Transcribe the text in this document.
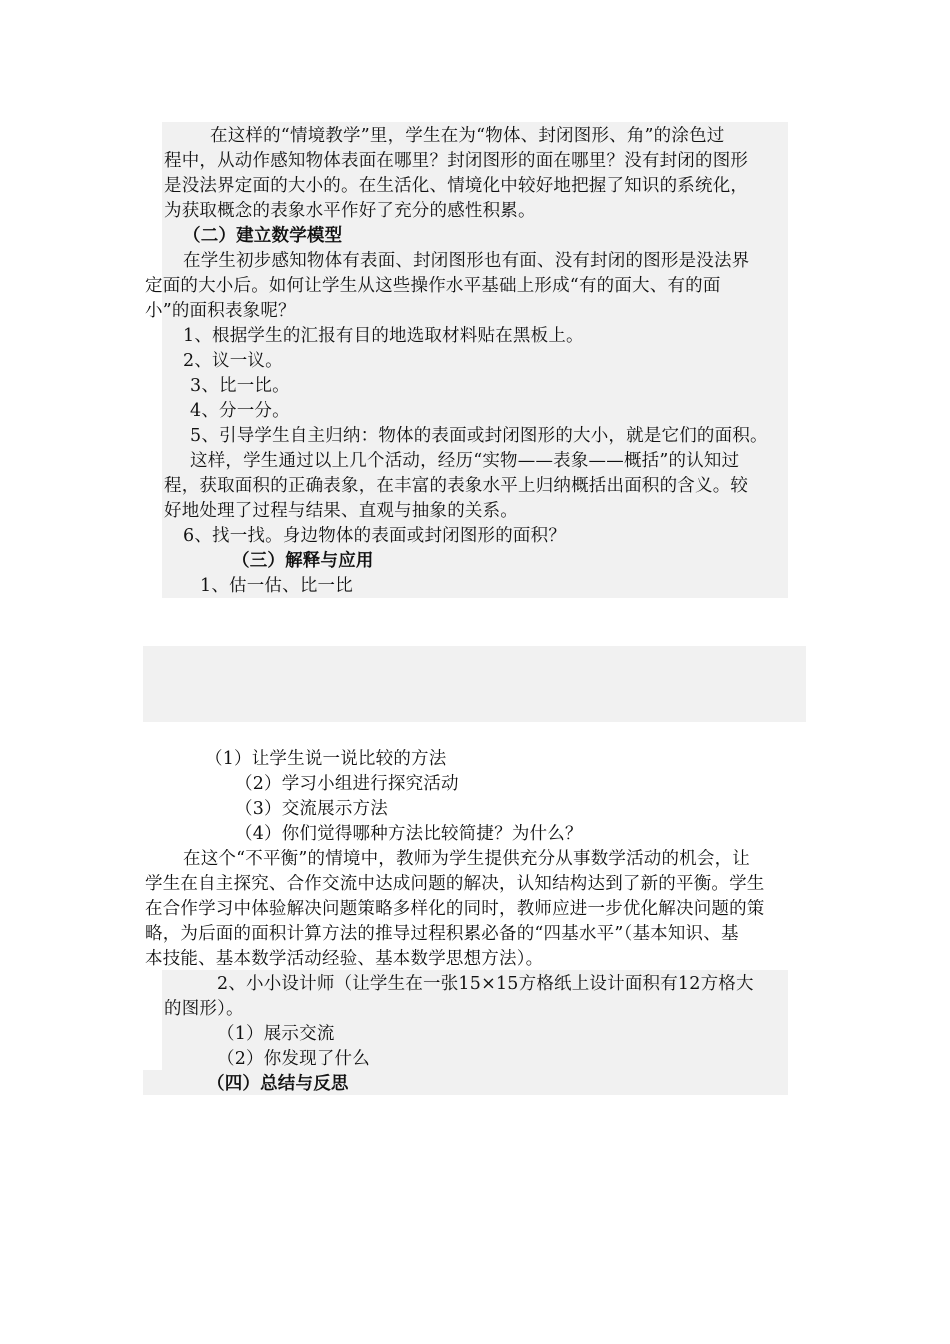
在这样的“情境教学”里，学生在为“物体、封闭图形、角”的涂色过

程中，从动作感知物体表面在哪里？封闭图形的面在哪里？没有封闭的图形

是没法界定面的大小的。在生活化、情境化中较好地把握了知识的系统化，

为获取概念的表象水平作好了充分的感性积累。

（二）建立数学模型

在学生初步感知物体有表面、封闭图形也有面、没有封闭的图形是没法界

定面的大小后。如何让学生从这些操作水平基础上形成“有的面大、有的面

小”的面积表象呢？

1、根据学生的汇报有目的地选取材料贴在黑板上。

2、议一议。

3、比一比。

4、分一分。

5、引导学生自主归纳：物体的表面或封闭图形的大小，就是它们的面积。

这样，学生通过以上几个活动，经历“实物——表象——概括”的认知过

程，获取面积的正确表象，在丰富的表象水平上归纳概括出面积的含义。较

好地处理了过程与结果、直观与抽象的关系。

6、找一找。身边物体的表面或封闭图形的面积？

（三）解释与应用

1、估一估、比一比

（1）让学生说一说比较的方法

（2）学习小组进行探究活动

（3）交流展示方法

（4）你们觉得哪种方法比较简捷？为什么？

在这个“不平衡”的情境中，教师为学生提供充分从事数学活动的机会，让

学生在自主探究、合作交流中达成问题的解决，认知结构达到了新的平衡。学生

在合作学习中体验解决问题策略多样化的同时，教师应进一步优化解决问题的策

略，为后面的面积计算方法的推导过程积累必备的“四基水平”（基本知识、基

本技能、基本数学活动经验、基本数学思想方法）。

2、小小设计师（让学生在一张15×15方格纸上设计面积有12方格大

的图形）。

（1）展示交流

（2）你发现了什么

（四）总结与反思
